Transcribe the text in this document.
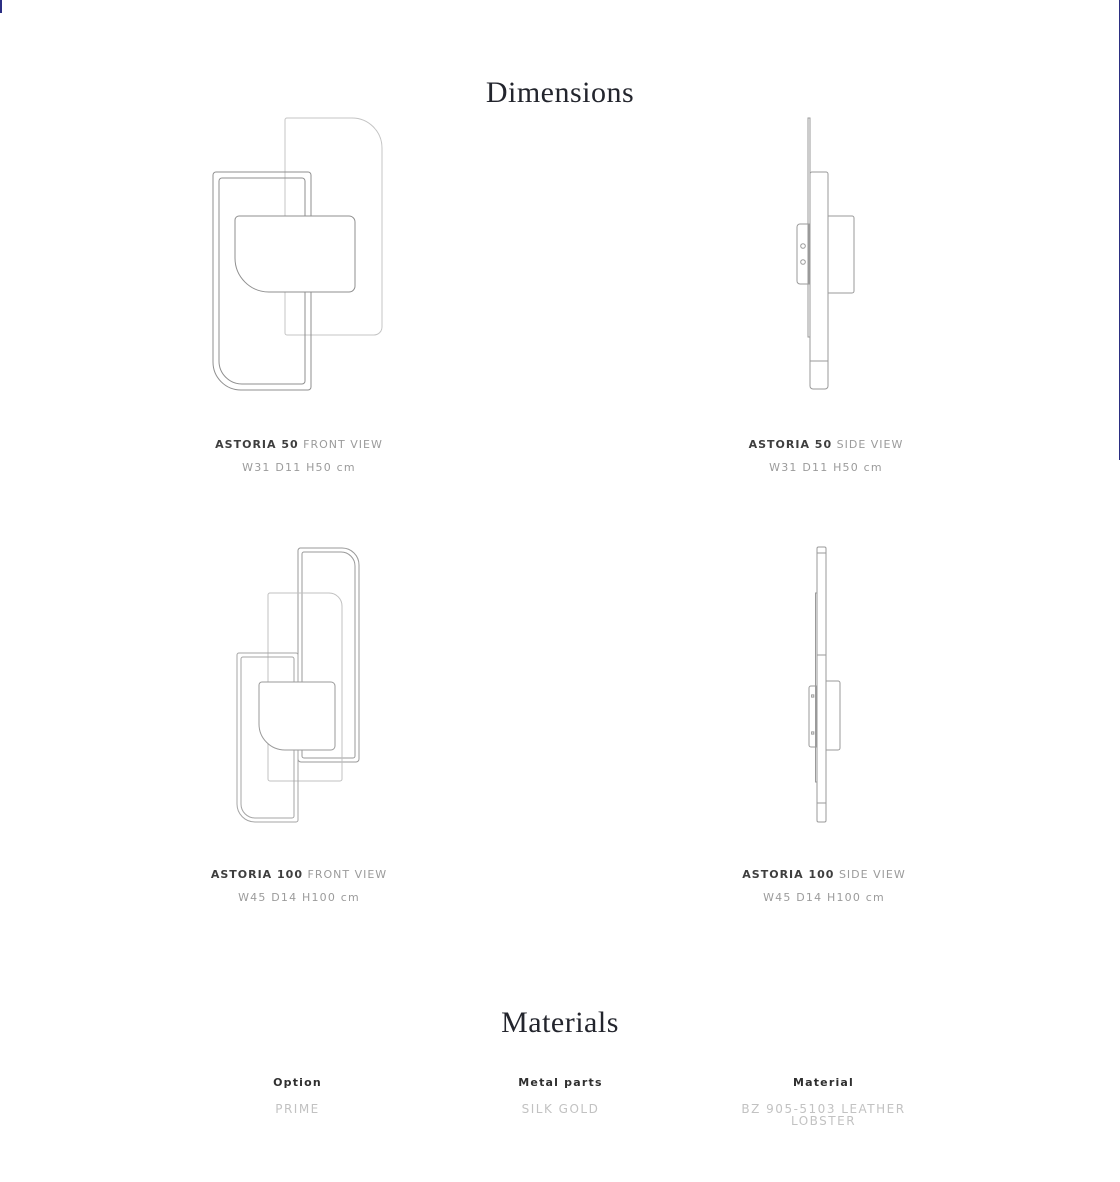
Dimensions
ASTORIA 50 FRONT VIEW
W31 D11 H50 cm
ASTORIA 50 SIDE VIEW
W31 D11 H50 cm
ASTORIA 100 FRONT VIEW
W45 D14 H100 cm
ASTORIA 100 SIDE VIEW
W45 D14 H100 cm
Materials
Option
PRIME
Metal parts
SILK GOLD
Material
BZ 905-5103 LEATHER LOBSTER
